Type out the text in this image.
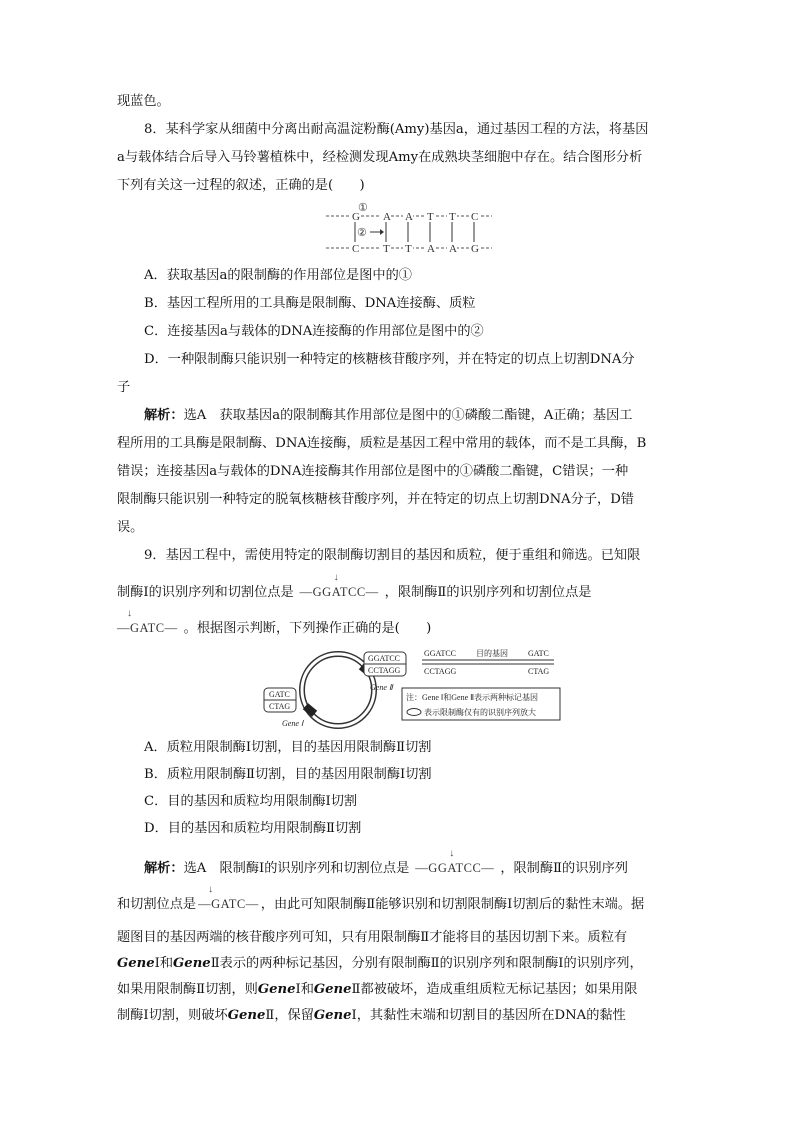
现蓝色。
8．某科学家从细菌中分离出耐高温淀粉酶(Amy)基因a，通过基因工程的方法，将基因
a与载体结合后导入马铃薯植株中，经检测发现Amy在成熟块茎细胞中存在。结合图形分析
下列有关这一过程的叙述，正确的是(　　)
G A A T T C
C T T A A G
①
②
A．获取基因a的限制酶的作用部位是图中的①
B．基因工程所用的工具酶是限制酶、DNA连接酶、质粒
C．连接基因a与载体的DNA连接酶的作用部位是图中的②
D．一种限制酶只能识别一种特定的核糖核苷酸序列，并在特定的切点上切割DNA分
子
解析：选A　获取基因a的限制酶其作用部位是图中的①磷酸二酯键，A正确；基因工
程所用的工具酶是限制酶、DNA连接酶，质粒是基因工程中常用的载体，而不是工具酶，B
错误；连接基因a与载体的DNA连接酶其作用部位是图中的①磷酸二酯键，C错误；一种
限制酶只能识别一种特定的脱氧核糖核苷酸序列，并在特定的切点上切割DNA分子，D错
误。
9．基因工程中，需使用特定的限制酶切割目的基因和质粒，便于重组和筛选。已知限
制酶Ⅰ的识别序列和切割位点是
↓
—GGATCC— ，限制酶Ⅱ的识别序列和切割位点是
↓
—GATC— 。根据图示判断，下列操作正确的是(　　)
GGATCC
CCTAGG
GATC
CTAG
Gene Ⅰ
Gene Ⅱ
GGATCC 目的基因	GATC
CCTAGG	CTAG
注：Gene Ⅰ和Gene Ⅱ表示两种标记基因
表示限制酶仅有的识别序列放大
A．质粒用限制酶Ⅰ切割，目的基因用限制酶Ⅱ切割
B．质粒用限制酶Ⅱ切割，目的基因用限制酶Ⅰ切割
C．目的基因和质粒均用限制酶Ⅰ切割
D．目的基因和质粒均用限制酶Ⅱ切割
解析：选A　限制酶Ⅰ的识别序列和切割位点是
↓
—GGATCC— ，限制酶Ⅱ的识别序列
和切割位点是
↓
—GATC— ，由此可知限制酶Ⅱ能够识别和切割限制酶Ⅰ切割后的黏性末端。据
题图目的基因两端的核苷酸序列可知，只有用限制酶Ⅱ才能将目的基因切割下来。质粒有
GeneⅠ和GeneⅡ表示的两种标记基因，分别有限制酶Ⅱ的识别序列和限制酶Ⅰ的识别序列，
如果用限制酶Ⅱ切割，则GeneⅠ和GeneⅡ都被破坏，造成重组质粒无标记基因；如果用限
制酶Ⅰ切割，则破坏GeneⅡ，保留GeneⅠ，其黏性末端和切割目的基因所在DNA的黏性
